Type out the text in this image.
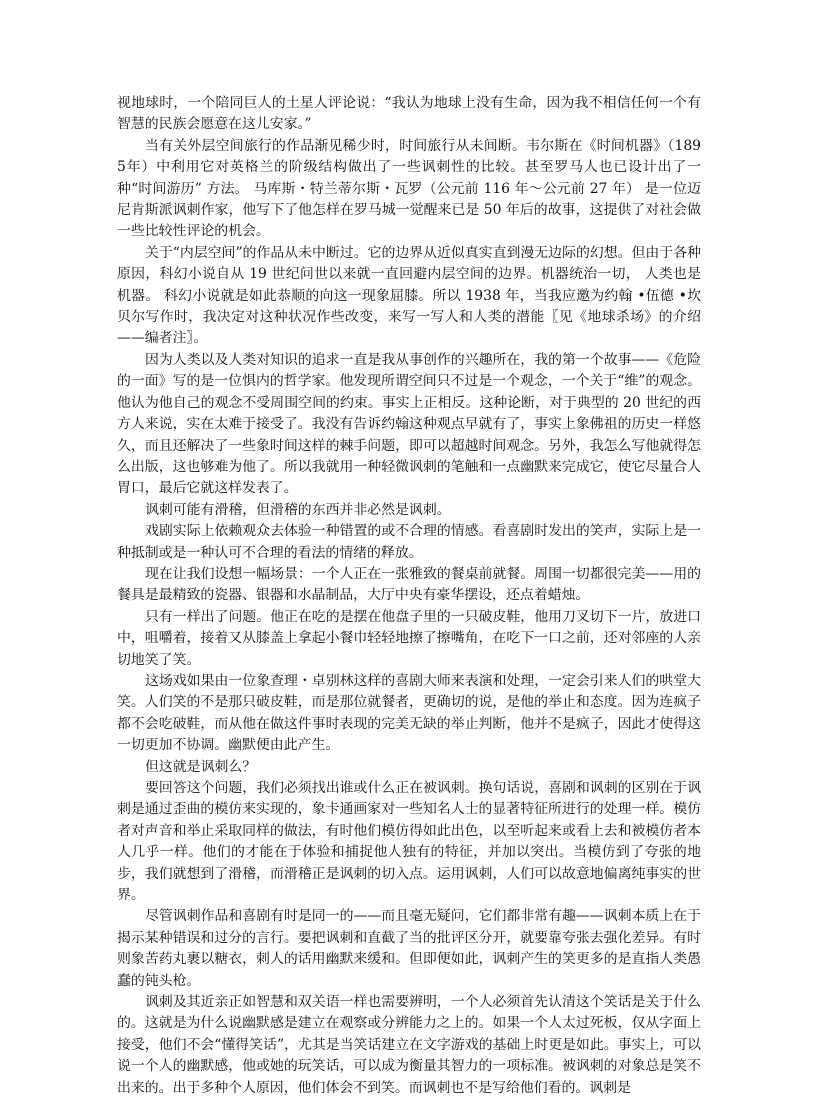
视地球时，一个陪同巨人的土星人评论说：“我认为地球上没有生命，因为我不相信任何一个有智慧的民族会愿意在这儿安家。”

当有关外层空间旅行的作品渐见稀少时，时间旅行从未间断。韦尔斯在《时间机器》（1895年）中利用它对英格兰的阶级结构做出了一些讽刺性的比较。甚至罗马人也已设计出了一种“时间游历” 方法。 马库斯・特兰蒂尔斯・瓦罗（公元前 116 年～公元前 27 年） 是一位迈尼肯斯派讽刺作家，他写下了他怎样在罗马城一觉醒来已是 50 年后的故事，这提供了对社会做一些比较性评论的机会。

关于“内层空间”的作品从未中断过。它的边界从近似真实直到漫无边际的幻想。但由于各种原因，科幻小说自从 19 世纪问世以来就一直回避内层空间的边界。机器统治一切， 人类也是机器。 科幻小说就是如此恭顺的向这一现象屈膝。所以 1938 年，当我应邀为约翰 •伍德 •坎贝尔写作时，我决定对这种状况作些改变，来写一写人和人类的潜能〖见《地球杀场》的介绍——编者注〗。

因为人类以及人类对知识的追求一直是我从事创作的兴趣所在，我的第一个故事——《危险的一面》写的是一位惧内的哲学家。他发现所谓空间只不过是一个观念，一个关于“维”的观念。他认为他自己的观念不受周围空间的约束。事实上正相反。这种论断，对于典型的 20 世纪的西方人来说，实在太难于接受了。我没有告诉约翰这种观点早就有了，事实上象佛祖的历史一样悠久，而且还解决了一些象时间这样的棘手问题，即可以超越时间观念。另外，我怎么写他就得怎么出版，这也够难为他了。所以我就用一种轻微讽刺的笔触和一点幽默来完成它，使它尽量合人胃口，最后它就这样发表了。

讽刺可能有滑稽，但滑稽的东西并非必然是讽刺。

戏剧实际上依赖观众去体验一种错置的或不合理的情感。看喜剧时发出的笑声，实际上是一种抵制或是一种认可不合理的看法的情绪的释放。

现在让我们设想一幅场景：一个人正在一张雅致的餐桌前就餐。周围一切都很完美——用的餐具是最精致的瓷器、银器和水晶制品，大厅中央有豪华摆设，还点着蜡烛。

只有一样出了问题。他正在吃的是摆在他盘子里的一只破皮鞋，他用刀叉切下一片，放进口中，咀嚼着，接着又从膝盖上拿起小餐巾轻轻地擦了擦嘴角，在吃下一口之前，还对邻座的人亲切地笑了笑。

这场戏如果由一位象查理・卓别林这样的喜剧大师来表演和处理，一定会引来人们的哄堂大笑。人们笑的不是那只破皮鞋，而是那位就餐者，更确切的说，是他的举止和态度。因为连疯子都不会吃破鞋，而从他在做这件事时表现的完美无缺的举止判断，他并不是疯子，因此才使得这一切更加不协调。幽默便由此产生。

但这就是讽刺么？

要回答这个问题，我们必须找出谁或什么正在被讽刺。换句话说，喜剧和讽刺的区别在于讽刺是通过歪曲的模仿来实现的，象卡通画家对一些知名人士的显著特征所进行的处理一样。模仿者对声音和举止采取同样的做法，有时他们模仿得如此出色，以至听起来或看上去和被模仿者本人几乎一样。他们的才能在于体验和捕捉他人独有的特征，并加以突出。当模仿到了夸张的地步，我们就想到了滑稽，而滑稽正是讽刺的切入点。运用讽刺，人们可以故意地偏离纯事实的世界。

尽管讽刺作品和喜剧有时是同一的——而且毫无疑问，它们都非常有趣——讽刺本质上在于揭示某种错误和过分的言行。要把讽刺和直截了当的批评区分开，就要靠夸张去强化差异。有时则象苦药丸裹以糖衣，刺人的话用幽默来缓和。但即便如此，讽刺产生的笑更多的是直指人类愚蠢的钝头枪。

讽刺及其近亲正如智慧和双关语一样也需要辨明，一个人必须首先认清这个笑话是关于什么的。这就是为什么说幽默感是建立在观察或分辨能力之上的。如果一个人太过死板，仅从字面上接受，他们不会“懂得笑话”，尤其是当笑话建立在文字游戏的基础上时更是如此。事实上，可以说一个人的幽默感，他或她的玩笑话，可以成为衡量其智力的一项标准。被讽刺的对象总是笑不出来的。出于多种个人原因，他们体会不到笑。而讽刺也不是写给他们看的。讽刺是
